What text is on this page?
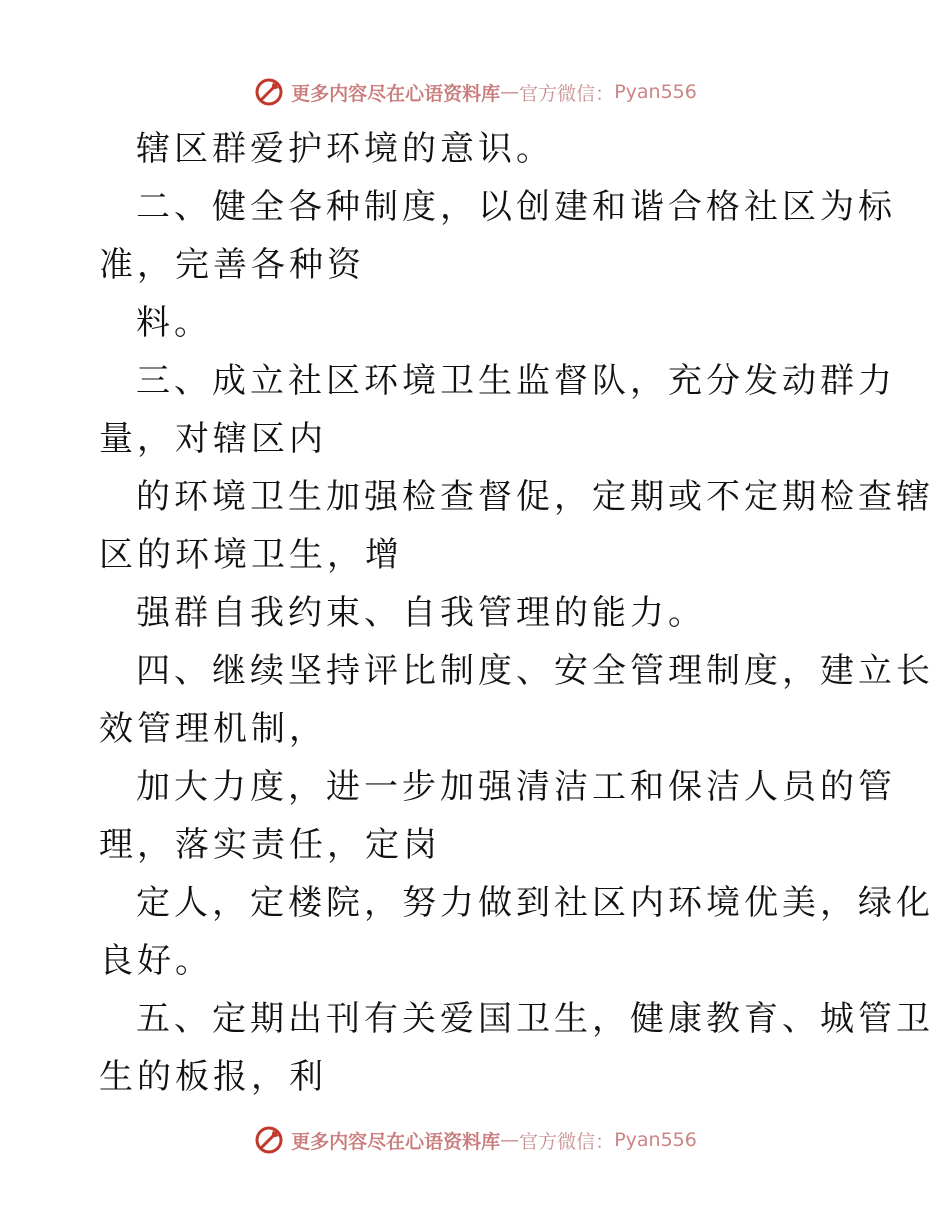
更多内容尽在心语资料库 — 官方微信： Pyan556
辖区群爱护环境的意识。
二、健全各种制度，以创建和谐合格社区为标
准，完善各种资
料。
三、成立社区环境卫生监督队，充分发动群力
量，对辖区内
的环境卫生加强检查督促，定期或不定期检查辖
区的环境卫生，增
强群自我约束、自我管理的能力。
四、继续坚持评比制度、安全管理制度，建立长
效管理机制，
加大力度，进一步加强清洁工和保洁人员的管
理，落实责任，定岗
定人，定楼院，努力做到社区内环境优美，绿化
良好。
五、定期出刊有关爱国卫生，健康教育、城管卫
生的板报，利
更多内容尽在心语资料库 — 官方微信： Pyan556
